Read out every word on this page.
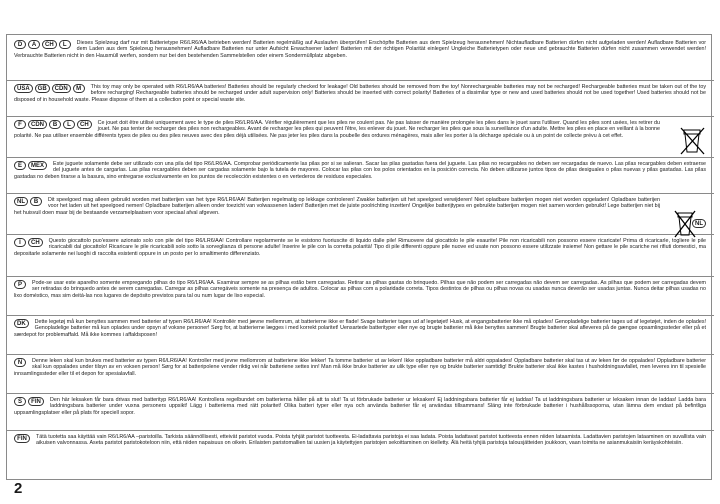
D A CH L	Dieses Spielzeug darf nur mit Batterietype R6/LR6/AA betrieben werden! Batterien regelmäßig auf Auslaufen überprüfen! Erschöpfte Batterien aus dem Spielzeug herausnehmen! Nichtaufladbare Batterien dürfen nicht aufgeladen werden! Aufladbare Batterien vor dem Laden aus dem Spielzeug herausnehmen! Aufladbare Batterien nur unter Aufsicht Erwachsener laden! Batterien mit der richtigen Polarität einlegen! Ungleiche Batterietypen oder neue und gebrauchte Batterien dürfen nicht zusammen verwendet werden! Verbrauchte Batterien nicht in den Hausmüll werfen, sondern nur bei den bestehenden Sammelstellen oder einem Sondermüllplatz abgeben.
USA GB CDN M	This toy may only be operated with R6/LR6/AA batteries! Batteries should be regularly checked for leakage! Old batteries should be removed from the toy! Nonrechargeable batteries may not be recharged! Rechargeable batteries must be taken out of the toy before recharging! Rechargeable batteries should be recharged under adult supervision only! Batteries should be inserted with correct polarity! Batteries of a dissimilar type or new and used batteries should not be used together! Used batteries should not be disposed of in household waste. Please dispose of them at a collection point or special waste site.
F CDN B L CH	Ce jouet doit être utilisé uniquement avec le type de piles R6/LR6/AA. Vérifier régulièrement que les piles ne coulent pas. Ne pas laisser de manière prolongée les piles dans le jouet sans l'utiliser. Quand les piles sont usées, les retirer du jouet. Ne pas tenter de recharger des piles non rechargeables. Avant de recharger les piles qui peuvent l'être, les enlever du jouet. Ne recharger les piles que sous la surveillance d'un adulte. Mettre les piles en place en veillant à la bonne polarité. Ne pas utiliser ensemble différents types de piles ou des piles neuves avec des piles déjà utilisées. Ne pas jeter les piles dans la poubelle des ordures ménagères, mais aller les porter à la décharge spéciale ou à un point de collecte prévu à cet effet.
E MEX	Este juguete solamente debe ser utilizado con una pila del tipo R6/LR6/AA. Comprobar periódicamente las pilas por si se salieran. Sacar las pilas gastadas fuera del juguete. Las pilas no recargables no deben ser recargadas de nuevo. Las pilas recargables deben extraerse del juguete antes de cargarlas. Las pilas recargables deben ser cargadas solamente bajo la tutela de mayores. Colocar las pilas con los polos orientados en la posición correcta. No deben utilizarse juntos tipos de pilas desiguales o pilas nuevas y pilas gastadas. Las pilas gastadas no deben tirarse a la basura, sino entregarse exclusivamente en los puntos de recolección existentes o en vertederos de residuos especiales.
NL B	Dit speelgoed mag alleen gebruikt worden met batterijen van het type R6/LR6/AA! Batterijen regelmatig op lekkage controleren! Zwakke batterijen uit het speelgoed verwijderen! Niet opladbare batterijen mogen niet worden opgeladen! Opladbare batterijen voor het laden uit het speelgoed nemen! Opladbare batterijen alleen onder toezicht van volwassenen laden! Batterijen met de juiste poolrichting inzetten! Ongelijke batterijtypes en gebruikte batterijen mogen niet samen worden gebruikt! Lege batterijen niet bij het huisvuil doen maar bij de bestaande verzamelplaatsen voor speciaal afval afgeven.
I CH	Questo giocattolo puo'essere azionato solo con pile del tipo R6/LR6/AA! Controllare regolarmente se le esistono fuoriuscite di liquido dalle pile! Rimuovere dal giocattolo le pile esaurite! Pile non ricaricabili non possono essere ricaricate! Prima di ricaricarle, togliere le pile ricaricabili dal giocattolo! Ricaricare le pile ricaricabili solo sotto la sorveglianza di persone adulte! Inserire le pile con la corretta polarità! Tipo di pile differenti oppure pile nuove ed usate non possono essere utilizzate insieme! Non gettare le pile scariche nei rifiuti domestici, ma depositarle solamente nei luoghi di raccolta esistenti oppure in un posto per lo smaltimento differenziato.
P	Pode-se usar este aparelho somente empregando pilhas do tipo R6/LR6/AA. Examinar sempre se as pilhas estão bem carregadas. Retirar as pilhas gastas do brinquedo. Pilhas que não podem ser carregadas não devem ser carregadas. As pilhas que podem ser carregadas devem ser retiradas do brinquedo antes de serem carregadas. Carregar as pilhas carregáveis somente na presença de adultos. Colocar as pilhas com a polaridade correta. Tipos destintos de pilhas ou pilhas novas ou usadas nunca deverão ser usadas juntas. Nunca deitar pilhas usadas no lixo doméstico, mas sim deitá-las nos lugares de depósito previstos para tal ou num lugar de lixo especial.
DK	Dette legetøj må kun benyttes sammen med batterier af typen R6/LR6/AA! Kontrollér med jævne mellemrum, at batterierne ikke er flade! Svage batterier tages ud af legetøjet! Husk, at engangsbatterier ikke må oplades! Genopladelige batterier tages ud af legetøjet, inden de oplades! Genopladelige batterier må kun oplades under opsyn af voksne personer! Sørg for, at batterierne lægges i med korrekt polaritet! Uensartede batterityper eller nye og brugte batterier må ikke benyttes sammen! Brugte batterier skal afleveres på de gængse opsamlingssteder eller på et særdepot for problemaffald. Må ikke kommes i affaldsposen!
N	Denne leken skal kun brukes med batterier av typen R6/LR6/AA! Kontroller med jevne mellomrom at batteriene ikke lekker! Ta tomme batterier ut av leken! Ikke oppladbare batterier må aldri oppalades! Oppladbare batterier skal tas ut av leken før de oppalades! Oppladbare batterier skal kun oppalades under tilsyn av en voksen person! Sørg for at batteripolene vender riktig vei når batteriene settes inn! Man må ikke bruke batterier av ulik type eller nye og brukte batterier samtidig! Brukte batterier skal ikke kastes i husholdningsavfallet, men leveres inn til spesielle innsamlingssteder eller til et depon for spesialavfall.
S FIN	Den här leksaken får bara drivas med batterityp R6/LR6/AA! Kontrollera regelbundet om batterierna håller på att ta slut! Ta ut förbrukade batterier ur leksaken! Ej laddningsbara batterier får ej laddas! Ta ut laddningsbara batterier ur leksaken innan de laddas! Ladda bara laddningsbara batterier under vuxna personers uppsikt! Lägg i batterierna med rätt polaritet! Olika batteri typer eller nya och använda batterier får ej användas tillsammans! Släng inte förbrukade batterier i hushållssoporna, utan lämna dem endast på befintliga uppsamlingsplatser eller på plats för speciell sopor.
FIN	Tätä tuotetta saa käyttää vain R6/LR6/AA –paristoilla. Tarkista säännöllisesti, etteivät paristot vuoda. Poista tyhjät paristot tuotteesta. Ei-ladattavia paristoja ei saa ladata. Poista ladattavat paristot tuotteesta ennen niiden lataamista. Ladattavien paristojen lataaminen on suvallista vain aikuisen valvonnassa. Aseta paristot paristokoteloon niin, että niiden napaisuus on oikein. Erilaisten paristomallien tai uusien ja käytettyjen paristojen sekoittaminen on kielletty. Älä heitä tyhjiä paristoja talousjätteiden joukkoon, vaan toimita ne asianmukaisiin keräyskohteisiin.
NL
2
